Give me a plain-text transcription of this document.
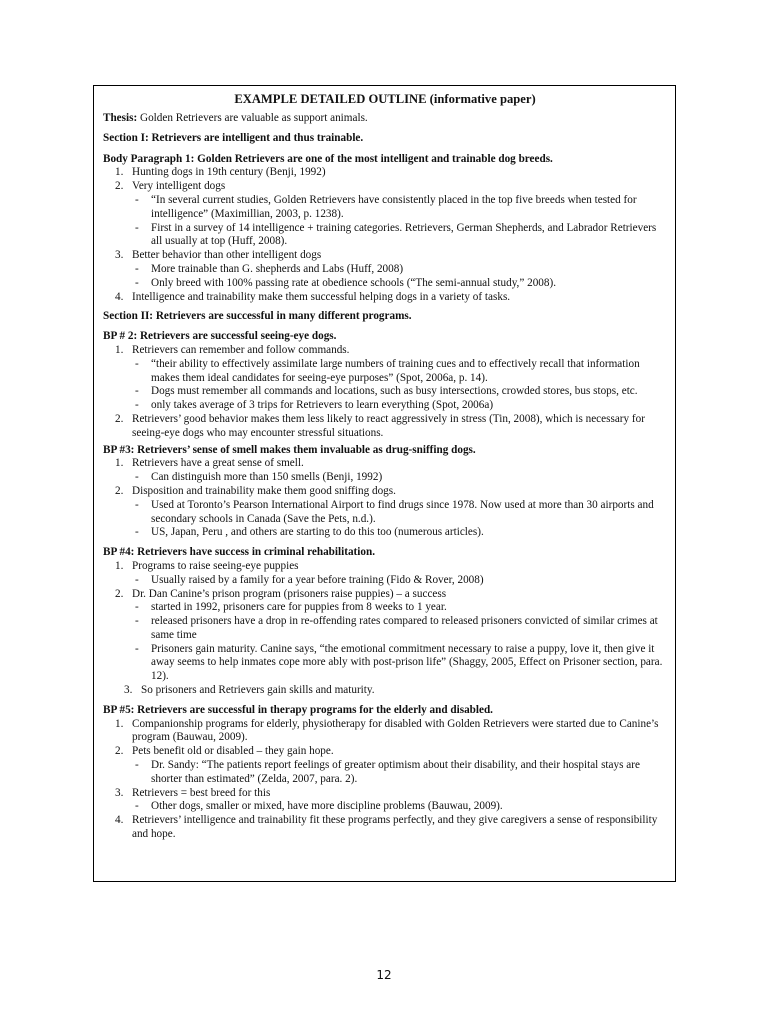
EXAMPLE DETAILED OUTLINE (informative paper)
Thesis: Golden Retrievers are valuable as support animals.
Section I: Retrievers are intelligent and thus trainable.
Body Paragraph 1: Golden Retrievers are one of the most intelligent and trainable dog breeds.
1. Hunting dogs in 19th century (Benji, 1992)
2. Very intelligent dogs
- “In several current studies, Golden Retrievers have consistently placed in the top five breeds when tested for intelligence” (Maximillian, 2003, p. 1238).
- First in a survey of 14 intelligence + training categories. Retrievers, German Shepherds, and Labrador Retrievers all usually at top (Huff, 2008).
3. Better behavior than other intelligent dogs
- More trainable than G. shepherds and Labs (Huff, 2008)
- Only breed with 100% passing rate at obedience schools (“The semi-annual study,” 2008).
4. Intelligence and trainability make them successful helping dogs in a variety of tasks.
Section II: Retrievers are successful in many different programs.
BP # 2: Retrievers are successful seeing-eye dogs.
1. Retrievers can remember and follow commands.
- “their ability to effectively assimilate large numbers of training cues and to effectively recall that information makes them ideal candidates for seeing-eye purposes” (Spot, 2006a, p. 14).
- Dogs must remember all commands and locations, such as busy intersections, crowded stores, bus stops, etc.
- only takes average of 3 trips for Retrievers to learn everything (Spot, 2006a)
2. Retrievers’ good behavior makes them less likely to react aggressively in stress (Tin, 2008), which is necessary for seeing-eye dogs who may encounter stressful situations.
BP #3: Retrievers’ sense of smell makes them invaluable as drug-sniffing dogs.
1. Retrievers have a great sense of smell.
- Can distinguish more than 150 smells (Benji, 1992)
2. Disposition and trainability make them good sniffing dogs.
- Used at Toronto’s Pearson International Airport to find drugs since 1978. Now used at more than 30 airports and secondary schools in Canada (Save the Pets, n.d.).
- US, Japan, Peru , and others are starting to do this too (numerous articles).
BP #4: Retrievers have success in criminal rehabilitation.
1. Programs to raise seeing-eye puppies
- Usually raised by a family for a year before training (Fido & Rover, 2008)
2. Dr. Dan Canine’s prison program (prisoners raise puppies) – a success
- started in 1992, prisoners care for puppies from 8 weeks to 1 year.
- released prisoners have a drop in re-offending rates compared to released prisoners convicted of similar crimes at same time
- Prisoners gain maturity. Canine says, “the emotional commitment necessary to raise a puppy, love it, then give it away seems to help inmates cope more ably with post-prison life” (Shaggy, 2005, Effect on Prisoner section, para. 12).
3. So prisoners and Retrievers gain skills and maturity.
BP #5: Retrievers are successful in therapy programs for the elderly and disabled.
1. Companionship programs for elderly, physiotherapy for disabled with Golden Retrievers were started due to Canine’s program (Bauwau, 2009).
2. Pets benefit old or disabled – they gain hope.
- Dr. Sandy: “The patients report feelings of greater optimism about their disability, and their hospital stays are shorter than estimated” (Zelda, 2007, para. 2).
3. Retrievers = best breed for this
- Other dogs, smaller or mixed, have more discipline problems (Bauwau, 2009).
4. Retrievers’ intelligence and trainability fit these programs perfectly, and they give caregivers a sense of responsibility and hope.
12
